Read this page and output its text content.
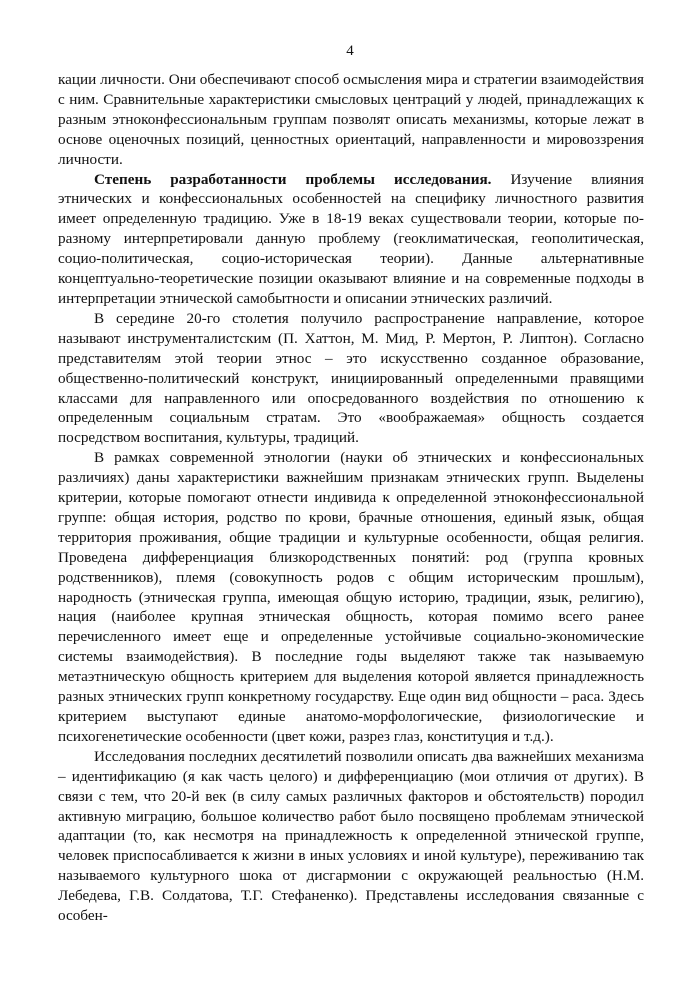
4

кации личности. Они обеспечивают способ осмысления мира и стратегии взаимодействия с ним. Сравнительные характеристики смысловых центраций у людей, принадлежащих к разным этноконфессиональным группам позволят описать механизмы, которые лежат в основе оценочных позиций, ценностных ориентаций, направленности и мировоззрения личности.

Степень разработанности проблемы исследования. Изучение влияния этнических и конфессиональных особенностей на специфику личностного развития имеет определенную традицию. Уже в 18-19 веках существовали теории, которые по-разному интерпретировали данную проблему (геоклиматическая, геополитическая, социо-политическая, социо-историческая теории). Данные альтернативные концептуально-теоретические позиции оказывают влияние и на современные подходы в интерпретации этнической самобытности и описании этнических различий.

В середине 20-го столетия получило распространение направление, которое называют инструменталистским (П. Хаттон, М. Мид, Р. Мертон, Р. Липтон). Согласно представителям этой теории этнос – это искусственно созданное образование, общественно-политический конструкт, инициированный определенными правящими классами для направленного или опосредованного воздействия по отношению к определенным социальным стратам. Это «воображаемая» общность создается посредством воспитания, культуры, традиций.

В рамках современной этнологии (науки об этнических и конфессиональных различиях) даны характеристики важнейшим признакам этнических групп. Выделены критерии, которые помогают отнести индивида к определенной этноконфессиональной группе: общая история, родство по крови, брачные отношения, единый язык, общая территория проживания, общие традиции и культурные особенности, общая религия. Проведена дифференциация близкородственных понятий: род (группа кровных родственников), племя (совокупность родов с общим историческим прошлым), народность (этническая группа, имеющая общую историю, традиции, язык, религию), нация (наиболее крупная этническая общность, которая помимо всего ранее перечисленного имеет еще и определенные устойчивые социально-экономические системы взаимодействия). В последние годы выделяют также так называемую метаэтническую общность критерием для выделения которой является принадлежность разных этнических групп конкретному государству. Еще один вид общности – раса. Здесь критерием выступают единые анатомо-морфологические, физиологические и психогенетические особенности (цвет кожи, разрез глаз, конституция и т.д.).

Исследования последних десятилетий позволили описать два важнейших механизма – идентификацию (я как часть целого) и дифференциацию (мои отличия от других). В связи с тем, что 20-й век (в силу самых различных факторов и обстоятельств) породил активную миграцию, большое количество работ было посвящено проблемам этнической адаптации (то, как несмотря на принадлежность к определенной этнической группе, человек приспосабливается к жизни в иных условиях и иной культуре), переживанию так называемого культурного шока от дисгармонии с окружающей реальностью (Н.М. Лебедева, Г.В. Солдатова, Т.Г. Стефаненко). Представлены исследования связанные с особен-
